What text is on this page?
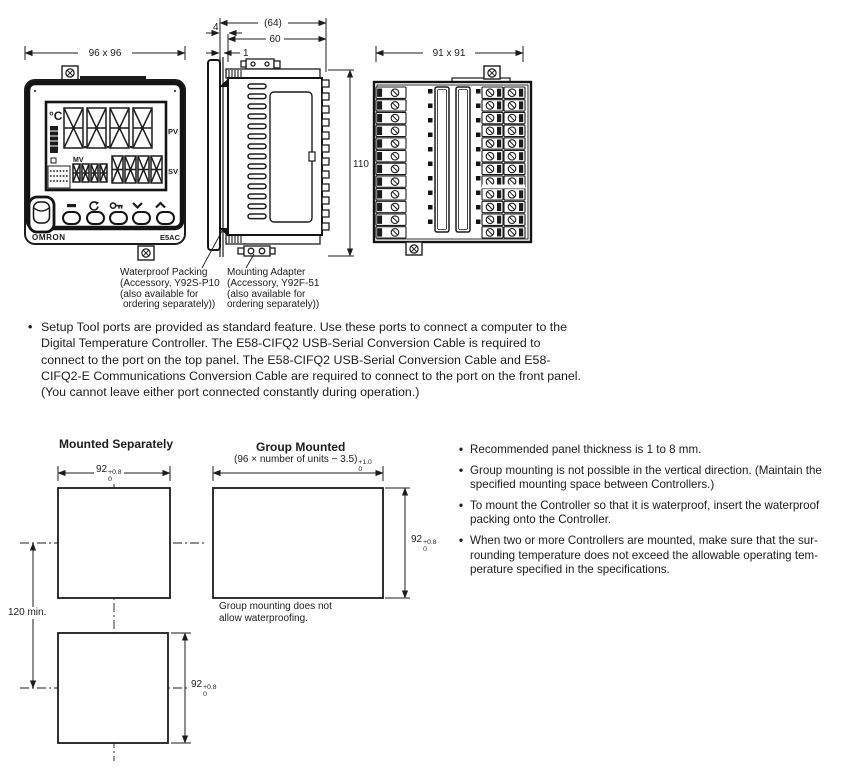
96 x 96
°C
PV
MV
SV
OMRON	E5AC
(64)
60
4
1
110
91 x 91
Waterproof Packing
(Accessory, Y92S-P10
(also available for
ordering separately))
Mounting Adapter
(Accessory, Y92F-51
(also available for
ordering separately))
• Setup Tool ports are provided as standard feature. Use these ports to connect a computer to the
Digital Temperature Controller. The E58-CIFQ2 USB-Serial Conversion Cable is required to
connect to the port on the top panel. The E58-CIFQ2 USB-Serial Conversion Cable and E58-
CIFQ2-E Communications Conversion Cable are required to connect to the port on the front panel.
(You cannot leave either port connected constantly during operation.)
Mounted Separately
92 +0.8
0
120 min.
92 +0.8
0
Group Mounted
(96 × number of units − 3.5) +1.0
0
92 +0.8
0
Group mounting does not
allow waterproofing.
• Recommended panel thickness is 1 to 8 mm.
• Group mounting is not possible in the vertical direction. (Maintain the
specified mounting space between Controllers.)
• To mount the Controller so that it is waterproof, insert the waterproof
packing onto the Controller.
• When two or more Controllers are mounted, make sure that the sur-
rounding temperature does not exceed the allowable operating tem-
perature specified in the specifications.
